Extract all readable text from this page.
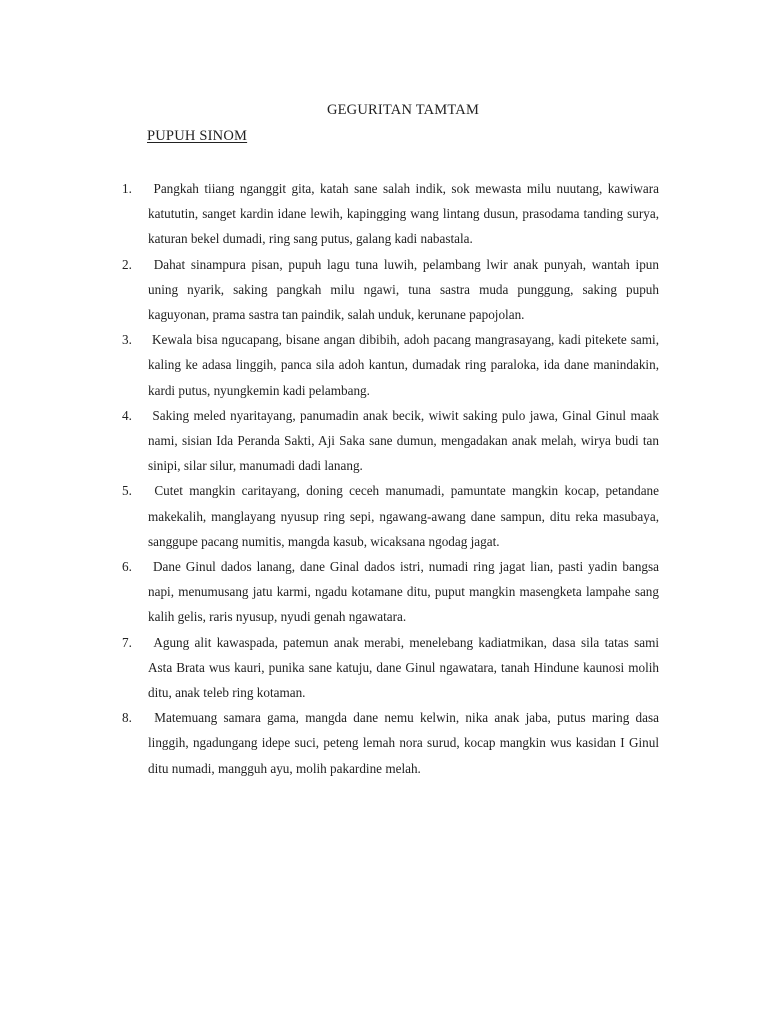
GEGURITAN TAMTAM
PUPUH SINOM
1. Pangkah tiiang nganggit gita, katah sane salah indik, sok mewasta milu nuutang, kawiwara katututin, sanget kardin idane lewih, kapingging wang lintang dusun, prasodama tanding surya, katuran bekel dumadi, ring sang putus, galang kadi nabastala.
2. Dahat sinampura pisan, pupuh lagu tuna luwih, pelambang lwir anak punyah, wantah ipun uning nyarik, saking pangkah milu ngawi, tuna sastra muda punggung, saking pupuh kaguyonan, prama sastra tan paindik, salah unduk, kerunane papojolan.
3. Kewala bisa ngucapang, bisane angan dibibih, adoh pacang mangrasayang, kadi pitekete sami, kaling ke adasa linggih, panca sila adoh kantun, dumadak ring paraloka, ida dane manindakin, kardi putus, nyungkemin kadi pelambang.
4. Saking meled nyaritayang, panumadin anak becik, wiwit saking pulo jawa, Ginal Ginul maak nami, sisian Ida Peranda Sakti, Aji Saka sane dumun, mengadakan anak melah, wirya budi tan sinipi, silar silur, manumadi dadi lanang.
5. Cutet mangkin caritayang, doning ceceh manumadi, pamuntate mangkin kocap, petandane makekalih, manglayang nyusup ring sepi, ngawang-awang dane sampun, ditu reka masubaya, sanggupe pacang numitis, mangda kasub, wicaksana ngodag jagat.
6. Dane Ginul dados lanang, dane Ginal dados istri, numadi ring jagat lian, pasti yadin bangsa napi, menumusang jatu karmi, ngadu kotamane ditu, puput mangkin masengketa lampahe sang kalih gelis, raris nyusup, nyudi genah ngawatara.
7. Agung alit kawaspada, patemun anak merabi, menelebang kadiatmikan, dasa sila tatas sami Asta Brata wus kauri, punika sane katuju, dane Ginul ngawatara, tanah Hindune kaunosi molih ditu, anak teleb ring kotaman.
8. Matemuang samara gama, mangda dane nemu kelwin, nika anak jaba, putus maring dasa linggih, ngadungang idepe suci, peteng lemah nora surud, kocap mangkin wus kasidan I Ginul ditu numadi, mangguh ayu, molih pakardine melah.
